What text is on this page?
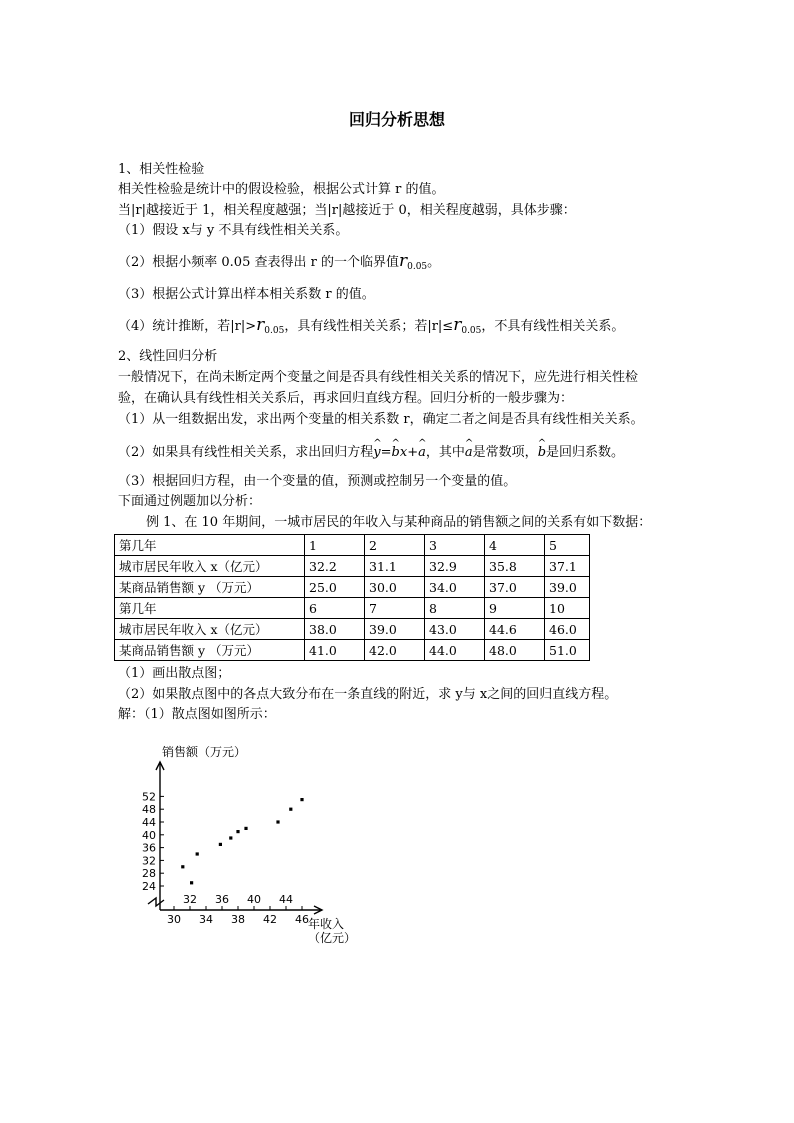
回归分析思想
1、相关性检验
相关性检验是统计中的假设检验，根据公式计算 r 的值。
当|r|越接近于 1，相关程度越强；当|r|越接近于 0，相关程度越弱，具体步骤：
（1）假设 x与 y 不具有线性相关关系。
（2）根据小频率 0.05 查表得出 r 的一个临界值$r_{0.05}$。
（3）根据公式计算出样本相关系数 r 的值。
（4）统计推断，若$|r|>r_{0.05}$，具有线性相关关系；若$|r|\le r_{0.05}$，不具有线性相关关系。
2、线性回归分析
一般情况下，在尚未断定两个变量之间是否具有线性相关关系的情况下，应先进行相关性检
验，在确认具有线性相关关系后，再求回归直线方程。回归分析的一般步骤为：
（1）从一组数据出发，求出两个变量的相关系数 r，确定二者之间是否具有线性相关关系。
（2）如果具有线性相关关系，求出回归方程^ y=^ bx+^ a，其中^ a是常数项，^ b是回归系数。
（3）根据回归方程，由一个变量的值，预测或控制另一个变量的值。
下面通过例题加以分析：
例 1、在 10 年期间，一城市居民的年收入与某种商品的销售额之间的关系有如下数据：
第几年	1	2	3	4	5
城市居民年收入 x（亿元）	32.2	31.1	32.9	35.8	37.1
某商品销售额 y （万元）	25.0	30.0	34.0	37.0	39.0
第几年	6	7	8	9	10
城市居民年收入 x（亿元）	38.0	39.0	43.0	44.6	46.0
某商品销售额 y （万元）	41.0	42.0	44.0	48.0	51.0
（1）画出散点图；
（2）如果散点图中的各点大致分布在一条直线的附近，求 y与 x之间的回归直线方程。
解：（1）散点图如图所示：
52
48
44
40
36
32
28
24
30 34 38 42 46
32 36 40 44
销售额（万元）
年收入
（亿元）
